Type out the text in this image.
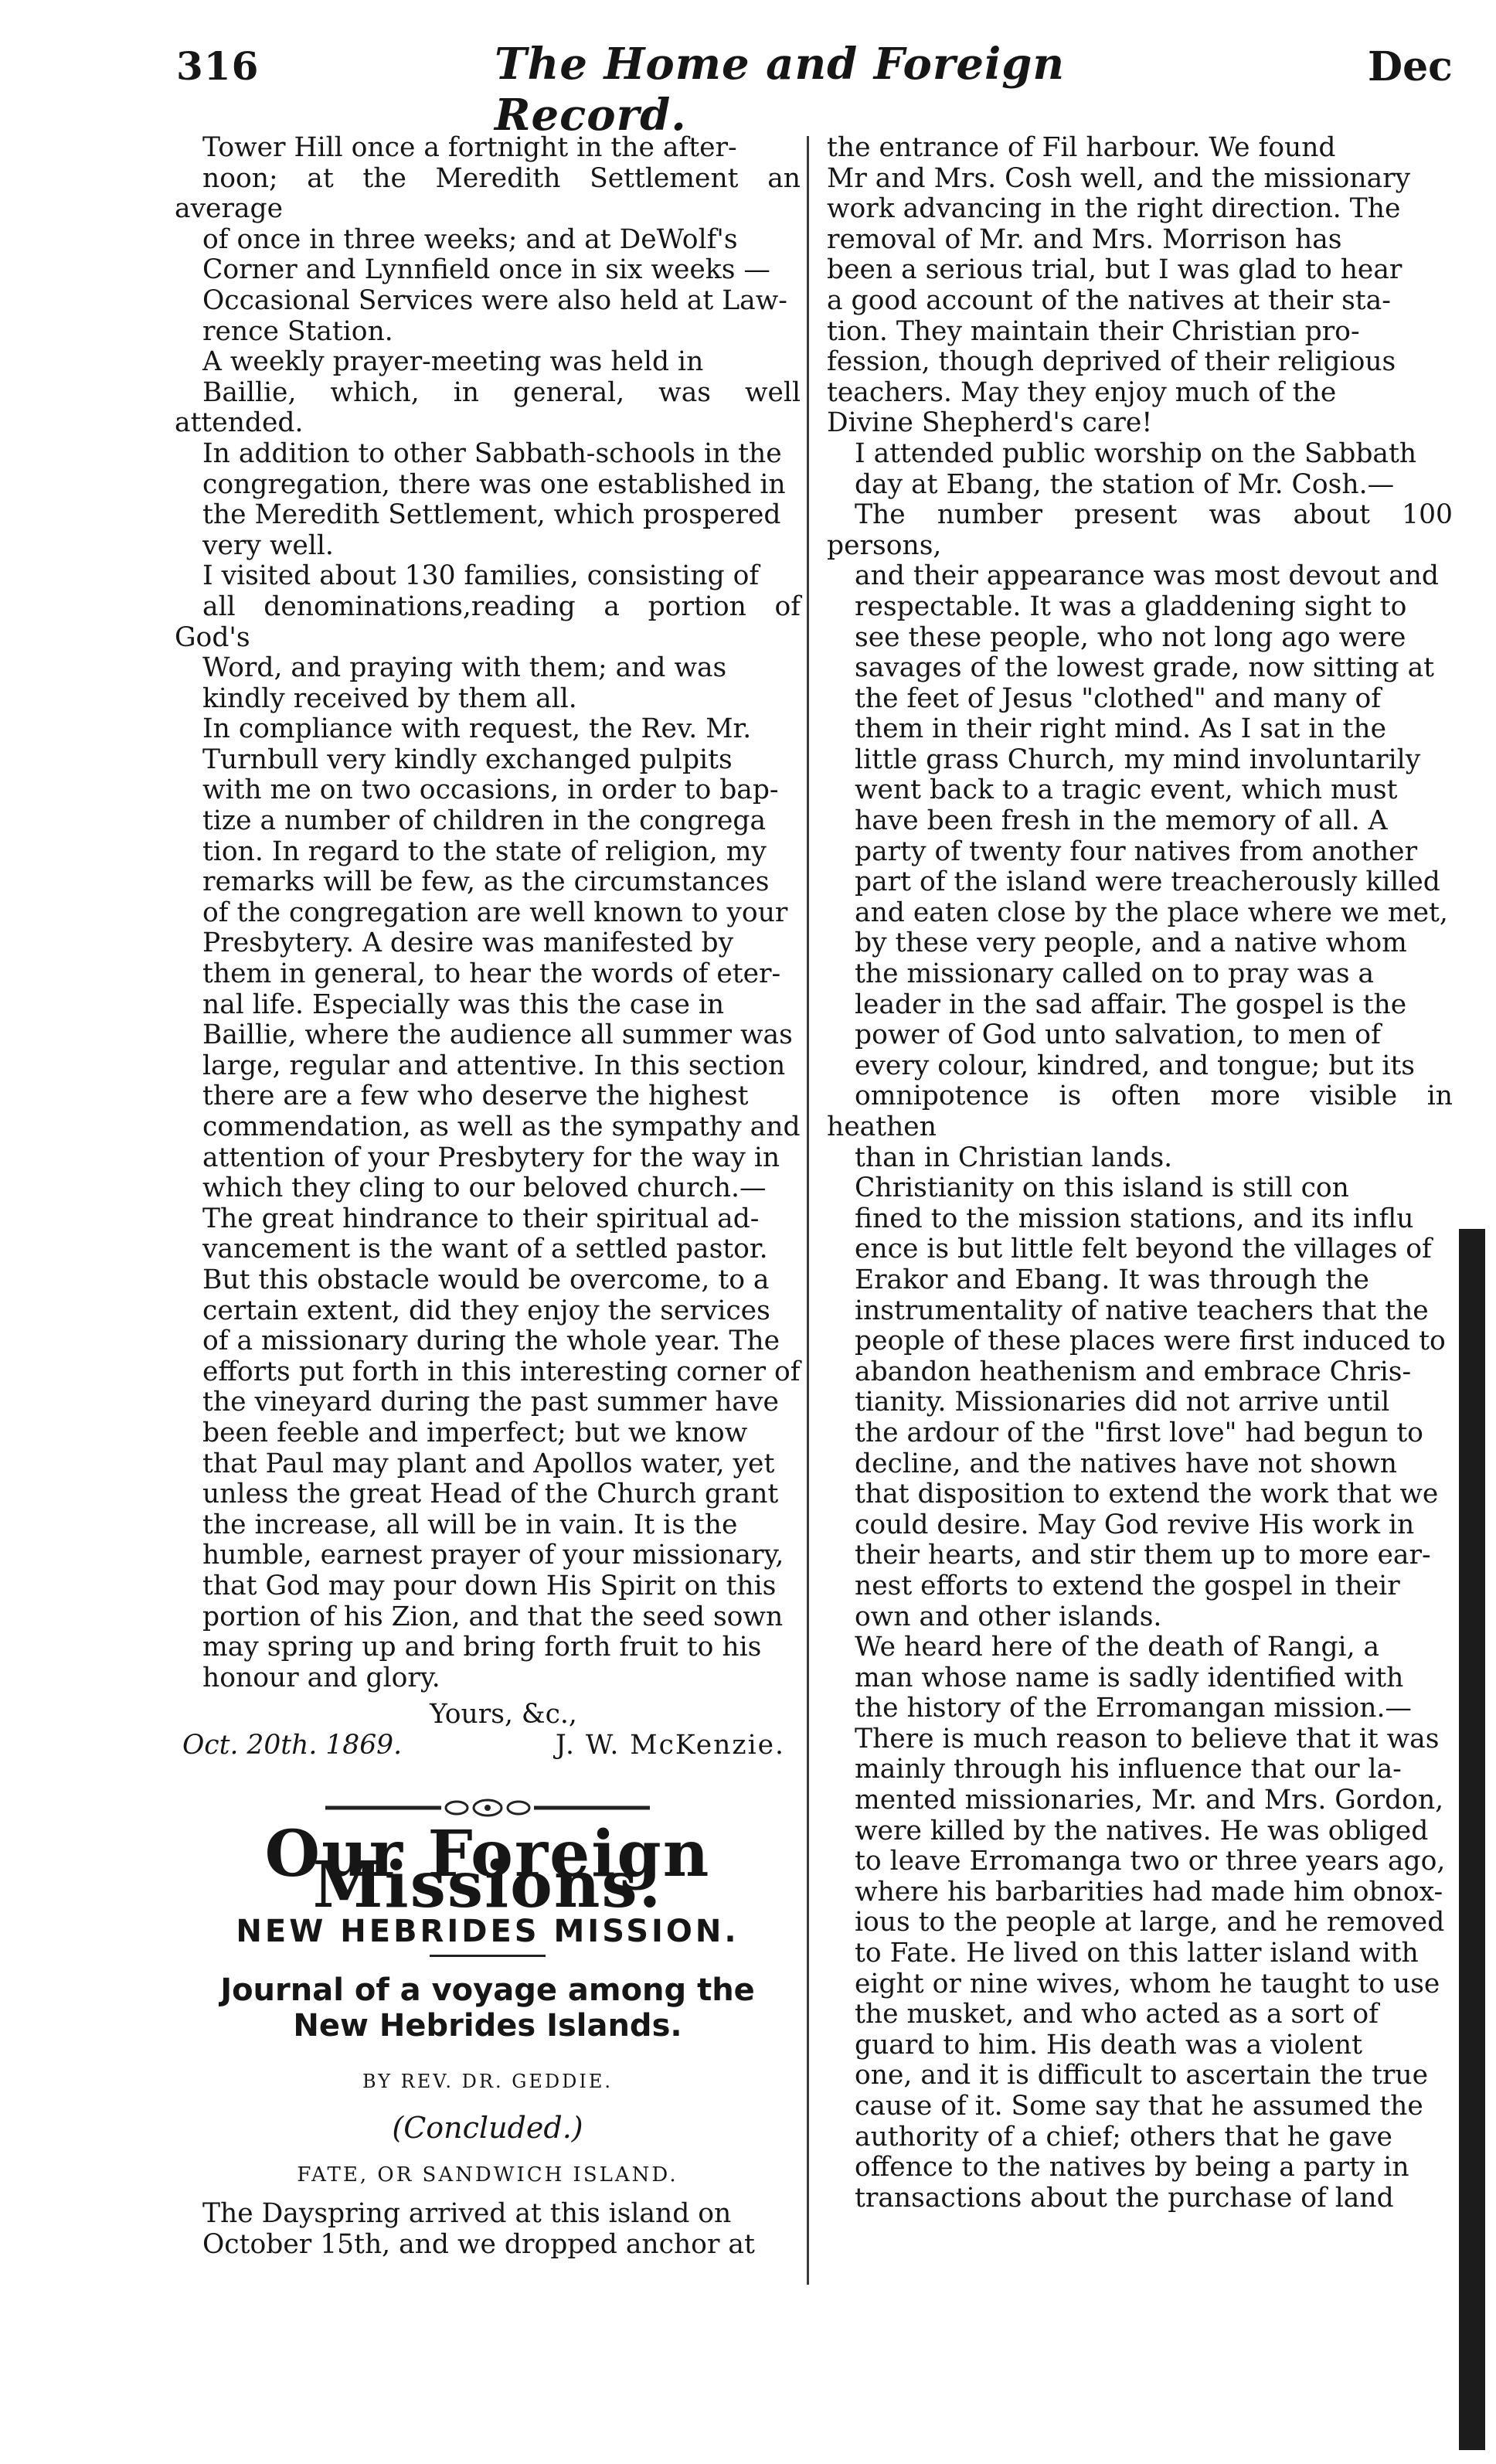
316	The Home and Foreign Record.
Dec

Tower Hill once a fortnight in the after-
noon; at the Meredith Settlement an average
of once in three weeks; and at DeWolf's
Corner and Lynnfield once in six weeks —
Occasional Services were also held at Law-
rence Station.

A weekly prayer-meeting was held in
Baillie, which, in general, was well attended.
In addition to other Sabbath-schools in the
congregation, there was one established in
the Meredith Settlement, which prospered
very well.

I visited about 130 families, consisting of
all denominations,reading a portion of God's
Word, and praying with them; and was
kindly received by them all.

In compliance with request, the Rev. Mr.
Turnbull very kindly exchanged pulpits
with me on two occasions, in order to bap-
tize a number of children in the congrega
tion. In regard to the state of religion, my
remarks will be few, as the circumstances
of the congregation are well known to your
Presbytery. A desire was manifested by
them in general, to hear the words of eter-
nal life. Especially was this the case in
Baillie, where the audience all summer was
large, regular and attentive. In this section
there are a few who deserve the highest
commendation, as well as the sympathy and
attention of your Presbytery for the way in
which they cling to our beloved church.—
The great hindrance to their spiritual ad-
vancement is the want of a settled pastor.
But this obstacle would be overcome, to a
certain extent, did they enjoy the services
of a missionary during the whole year. The
efforts put forth in this interesting corner of
the vineyard during the past summer have
been feeble and imperfect; but we know
that Paul may plant and Apollos water, yet
unless the great Head of the Church grant
the increase, all will be in vain. It is the
humble, earnest prayer of your missionary,
that God may pour down His Spirit on this
portion of his Zion, and that the seed sown
may spring up and bring forth fruit to his
honour and glory.

Yours, &c.,
Oct. 20th. 1869.	J. W. McKenzie.
Our Foreign Missions.
NEW HEBRIDES MISSION.
Journal of a voyage among the
New Hebrides Islands.
BY REV. DR. GEDDIE.
(Concluded.)
FATE, OR SANDWICH ISLAND.

The Dayspring arrived at this island on
October 15th, and we dropped anchor at

the entrance of Fil harbour. We found
Mr and Mrs. Cosh well, and the missionary
work advancing in the right direction. The
removal of Mr. and Mrs. Morrison has
been a serious trial, but I was glad to hear
a good account of the natives at their sta-
tion. They maintain their Christian pro-
fession, though deprived of their religious
teachers. May they enjoy much of the
Divine Shepherd's care!

I attended public worship on the Sabbath
day at Ebang, the station of Mr. Cosh.—
The number present was about 100 persons,
and their appearance was most devout and
respectable. It was a gladdening sight to
see these people, who not long ago were
savages of the lowest grade, now sitting at
the feet of Jesus "clothed" and many of
them in their right mind. As I sat in the
little grass Church, my mind involuntarily
went back to a tragic event, which must
have been fresh in the memory of all. A
party of twenty four natives from another
part of the island were treacherously killed
and eaten close by the place where we met,
by these very people, and a native whom
the missionary called on to pray was a
leader in the sad affair. The gospel is the
power of God unto salvation, to men of
every colour, kindred, and tongue; but its
omnipotence is often more visible in heathen
than in Christian lands.

Christianity on this island is still con
fined to the mission stations, and its influ
ence is but little felt beyond the villages of
Erakor and Ebang. It was through the
instrumentality of native teachers that the
people of these places were first induced to
abandon heathenism and embrace Chris-
tianity. Missionaries did not arrive until
the ardour of the "first love" had begun to
decline, and the natives have not shown
that disposition to extend the work that we
could desire. May God revive His work in
their hearts, and stir them up to more ear-
nest efforts to extend the gospel in their
own and other islands.

We heard here of the death of Rangi, a
man whose name is sadly identified with
the history of the Erromangan mission.—
There is much reason to believe that it was
mainly through his influence that our la-
mented missionaries, Mr. and Mrs. Gordon,
were killed by the natives. He was obliged
to leave Erromanga two or three years ago,
where his barbarities had made him obnox-
ious to the people at large, and he removed
to Fate. He lived on this latter island with
eight or nine wives, whom he taught to use
the musket, and who acted as a sort of
guard to him. His death was a violent
one, and it is difficult to ascertain the true
cause of it. Some say that he assumed the
authority of a chief; others that he gave
offence to the natives by being a party in
transactions about the purchase of land
